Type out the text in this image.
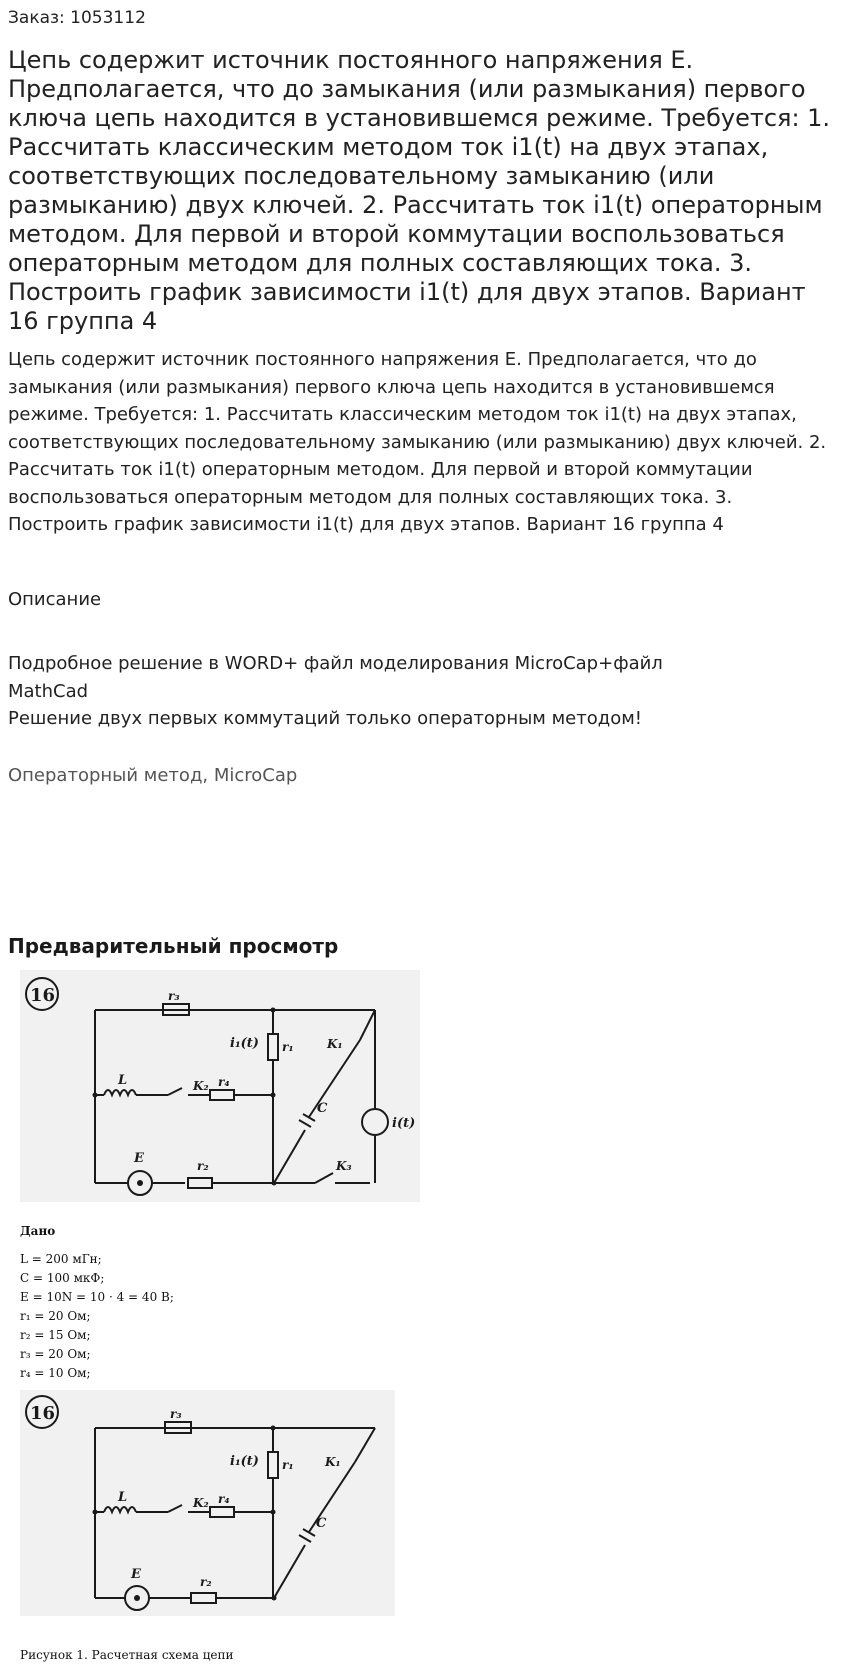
Заказ: 1053112
Цепь содержит источник постоянного напряжения E. Предполагается, что до замыкания (или размыкания) первого ключа цепь находится в установившемся режиме. Требуется: 1. Рассчитать классическим методом ток i1(t) на двух этапах, соответствующих последовательному замыканию (или размыканию) двух ключей. 2. Рассчитать ток i1(t) операторным методом. Для первой и второй коммутации воспользоваться операторным методом для полных составляющих тока. 3. Построить график зависимости i1(t) для двух этапов. Вариант 16 группа 4
Цепь содержит источник постоянного напряжения E. Предполагается, что до замыкания (или размыкания) первого ключа цепь находится в установившемся режиме. Требуется: 1. Рассчитать классическим методом ток i1(t) на двух этапах, соответствующих последовательному замыканию (или размыканию) двух ключей. 2. Рассчитать ток i1(t) операторным методом. Для первой и второй коммутации воспользоваться операторным методом для полных составляющих тока. 3. Построить график зависимости i1(t) для двух этапов. Вариант 16 группа 4
Описание
Подробное решение в WORD+ файл моделирования MicroCap+файл
MathCad
Решение двух первых коммутаций только операторным методом!
Операторный метод, MicroCap
Предварительный просмотр
16	r₃
i₁(t) r₁	K₁
L	K₂ r₄
C
i(t)
E	r₂	K₃
Дано
L = 200 мГн;
C = 100 мкФ;
E = 10N = 10 · 4 = 40 В;
r₁ = 20 Ом;
r₂ = 15 Ом;
r₃ = 20 Ом;
r₄ = 10 Ом;
16	r₃
i₁(t) r₁	K₁
L	K₂ r₄
C
E	r₂
Рисунок 1. Расчетная схема цепи
